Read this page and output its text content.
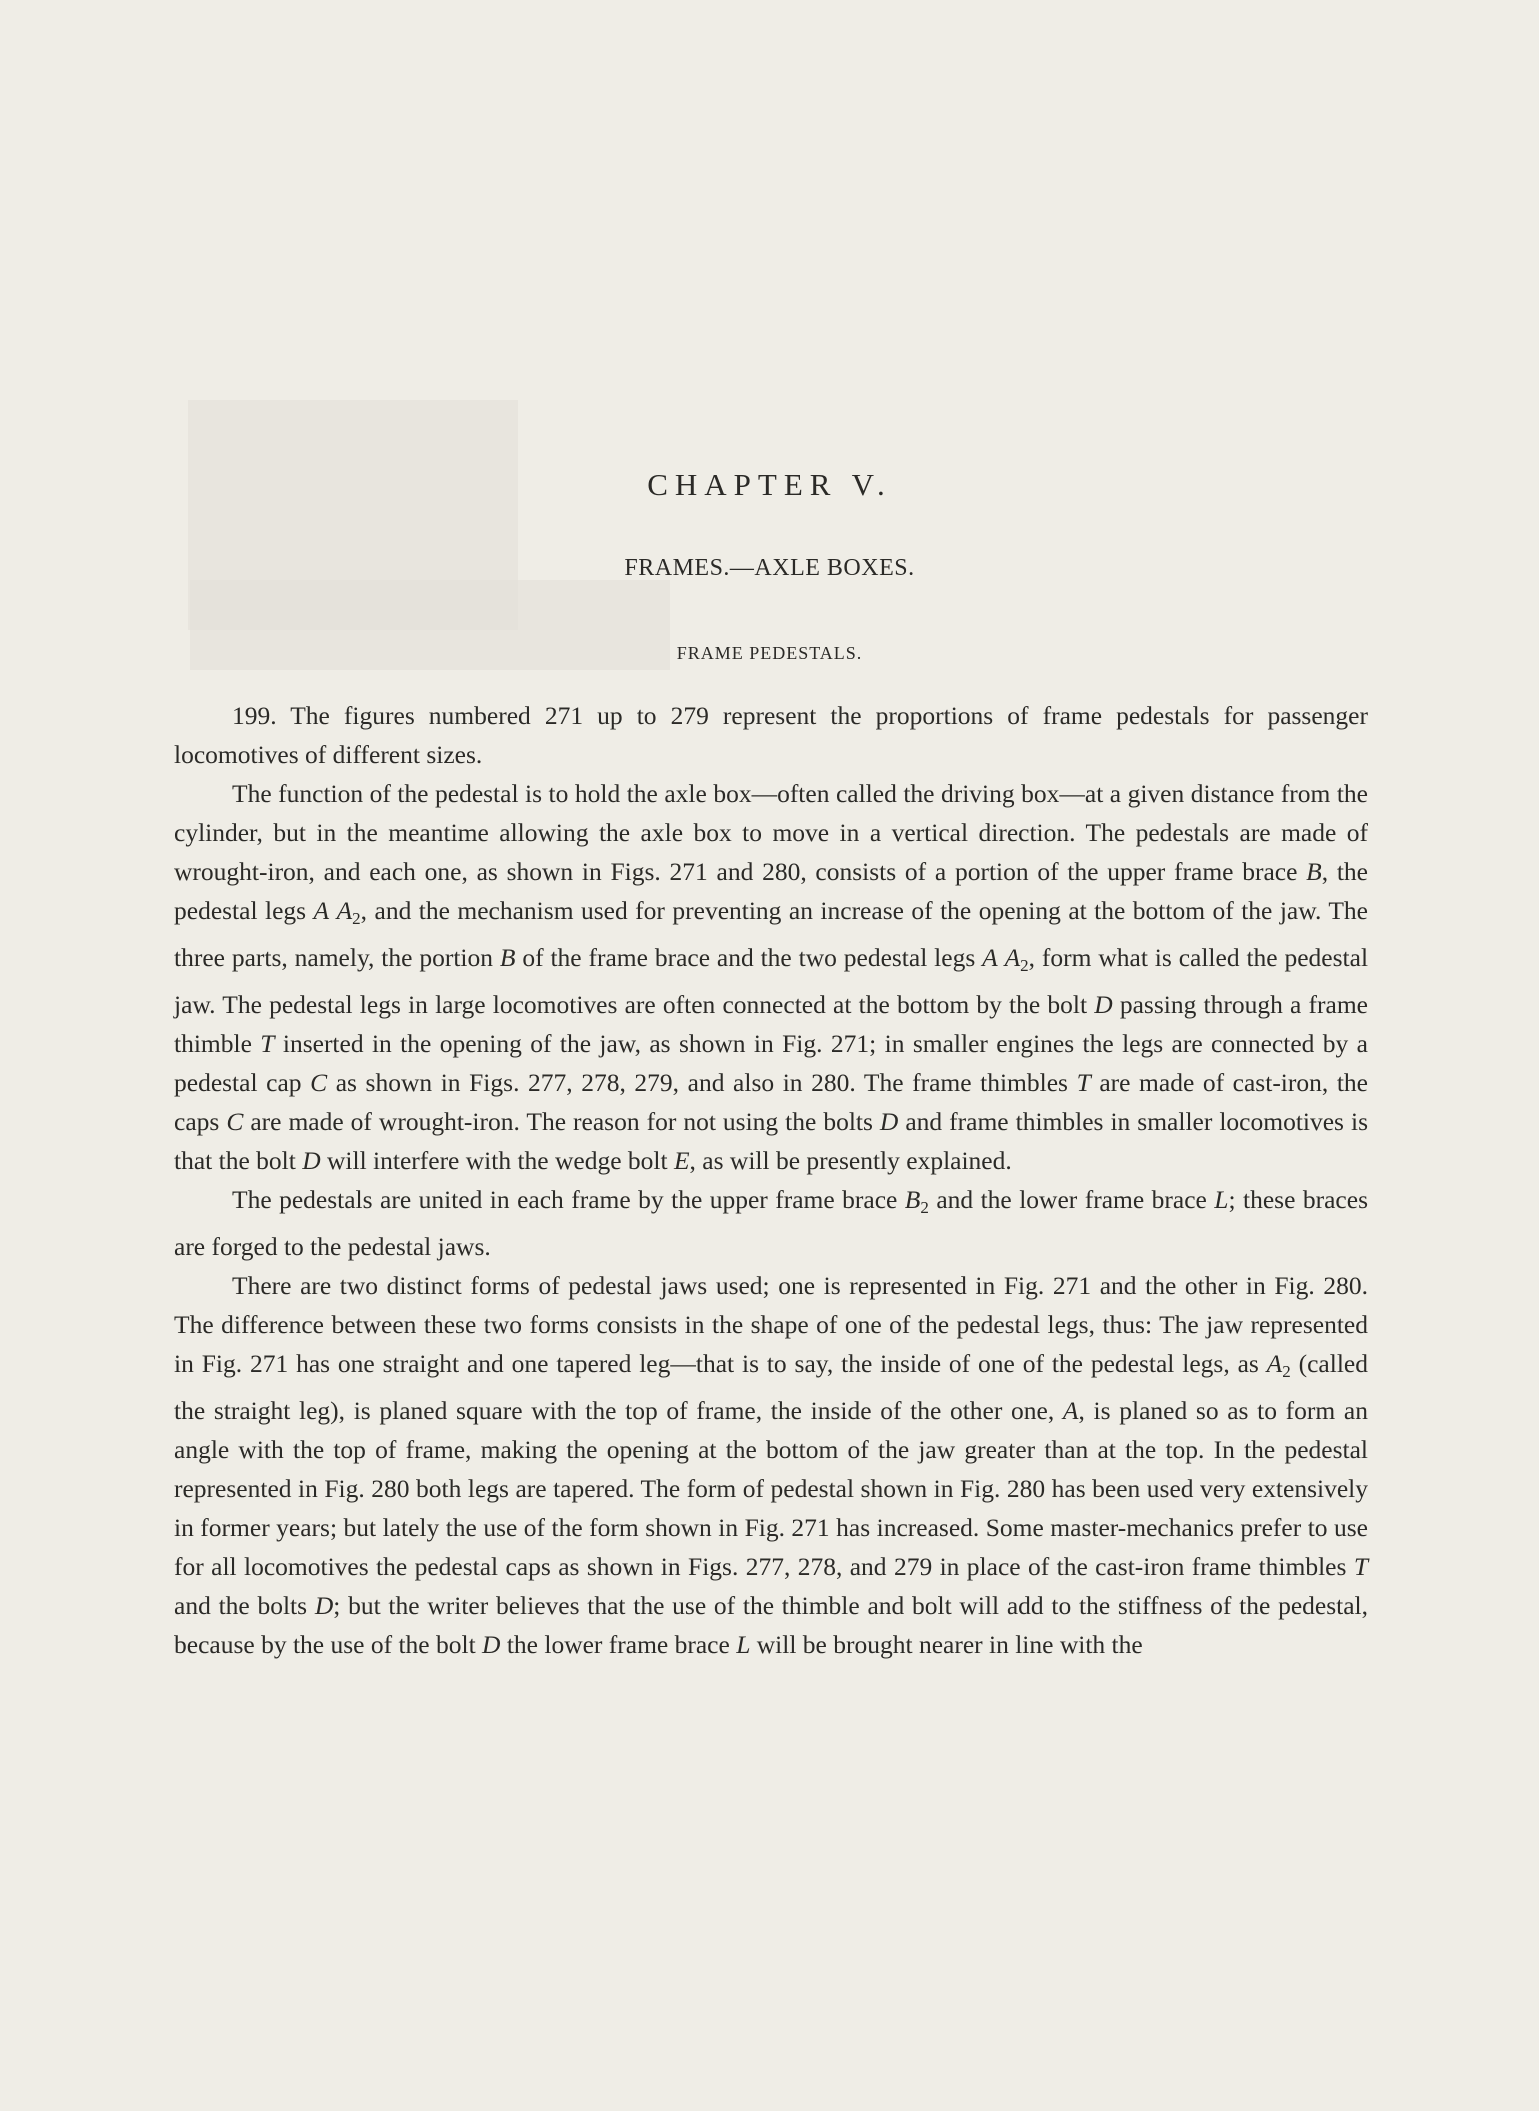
CHAPTER V.
FRAMES.—AXLE BOXES.
FRAME PEDESTALS.

199. The figures numbered 271 up to 279 represent the proportions of frame pedestals for passenger locomotives of different sizes.

The function of the pedestal is to hold the axle box—often called the driving box—at a given distance from the cylinder, but in the meantime allowing the axle box to move in a vertical direction. The pedestals are made of wrought-iron, and each one, as shown in Figs. 271 and 280, consists of a portion of the upper frame brace B, the pedestal legs A $A_2$, and the mechanism used for preventing an increase of the opening at the bottom of the jaw. The three parts, namely, the portion B of the frame brace and the two pedestal legs A $A_2$, form what is called the pedestal jaw. The pedestal legs in large locomotives are often connected at the bottom by the bolt D passing through a frame thimble T inserted in the opening of the jaw, as shown in Fig. 271; in smaller engines the legs are connected by a pedestal cap C as shown in Figs. 277, 278, 279, and also in 280. The frame thimbles T are made of cast-iron, the caps C are made of wrought-iron. The reason for not using the bolts D and frame thimbles in smaller locomotives is that the bolt D will interfere with the wedge bolt E, as will be presently explained.

The pedestals are united in each frame by the upper frame brace $B_2$ and the lower frame brace L; these braces are forged to the pedestal jaws.

There are two distinct forms of pedestal jaws used; one is represented in Fig. 271 and the other in Fig. 280. The difference between these two forms consists in the shape of one of the pedestal legs, thus: The jaw represented in Fig. 271 has one straight and one tapered leg—that is to say, the inside of one of the pedestal legs, as $A_2$ (called the straight leg), is planed square with the top of frame, the inside of the other one, A, is planed so as to form an angle with the top of frame, making the opening at the bottom of the jaw greater than at the top. In the pedestal represented in Fig. 280 both legs are tapered. The form of pedestal shown in Fig. 280 has been used very extensively in former years; but lately the use of the form shown in Fig. 271 has increased. Some master-mechanics prefer to use for all locomotives the pedestal caps as shown in Figs. 277, 278, and 279 in place of the cast-iron frame thimbles T and the bolts D; but the writer believes that the use of the thimble and bolt will add to the stiffness of the pedestal, because by the use of the bolt D the lower frame brace L will be brought nearer in line with the
